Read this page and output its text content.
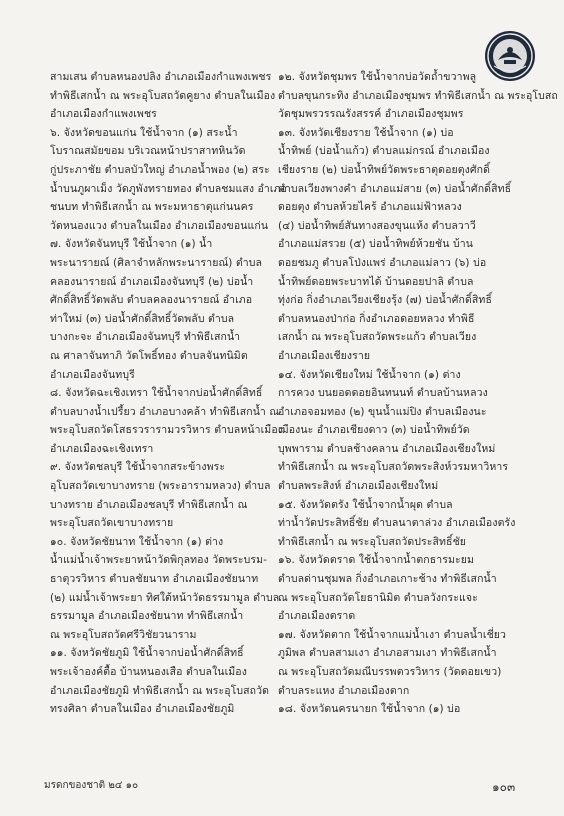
สามเสน ตำบลหนองปลิง อำเภอเมืองกำแพงเพชร
ทำพิธีเสกน้ำ ณ พระอุโบสถวัดคูยาง ตำบลในเมือง
อำเภอเมืองกำแพงเพชร
๖. จังหวัดขอนแก่น ใช้น้ำจาก (๑) สระน้ำ
โบราณสมัยขอม บริเวณหน้าปราสาทหินวัด
กู่ประภาชัย ตำบลบัวใหญ่ อำเภอน้ำพอง (๒) สระ
น้ำบนภูผาเม็ง วัดภูพังทรายทอง ตำบลชมแสง อำเภอ
ชนบท ทำพิธีเสกน้ำ ณ พระมหาธาตุแก่นนคร
วัดหนองแวง ตำบลในเมือง อำเภอเมืองขอนแก่น
๗. จังหวัดจันทบุรี ใช้น้ำจาก (๑) น้ำ
พระนารายณ์ (ศิลาจำหลักพระนารายณ์) ตำบล
คลองนารายณ์ อำเภอเมืองจันทบุรี (๒) บ่อน้ำ
ศักดิ์สิทธิ์วัดพลับ ตำบลคลองนารายณ์ อำเภอ
ท่าใหม่ (๓) บ่อน้ำศักดิ์สิทธิ์วัดพลับ ตำบล
บางกะจะ อำเภอเมืองจันทบุรี ทำพิธีเสกน้ำ
ณ ศาลาจันทาภิ วัดโพธิ์ทอง ตำบลจันทนิมิต
อำเภอเมืองจันทบุรี
๘. จังหวัดฉะเชิงเทรา ใช้น้ำจากบ่อน้ำศักดิ์สิทธิ์
ตำบลบางน้ำเปรี้ยว อำเภอบางคล้า ทำพิธีเสกน้ำ ณ
พระอุโบสถวัดโสธรวรารามวรวิหาร ตำบลหน้าเมือง
อำเภอเมืองฉะเชิงเทรา
๙. จังหวัดชลบุรี ใช้น้ำจากสระข้างพระ
อุโบสถวัดเขาบางทราย (พระอารามหลวง) ตำบล
บางทราย อำเภอเมืองชลบุรี ทำพิธีเสกน้ำ ณ
พระอุโบสถวัดเขาบางทราย
๑๐. จังหวัดชัยนาท ใช้น้ำจาก (๑) ต่าง
น้ำแม่น้ำเจ้าพระยาหน้าวัดพิกุลทอง วัดพระบรม-
ธาตุวรวิหาร ตำบลชัยนาท อำเภอเมืองชัยนาท
(๒) แม่น้ำเจ้าพระยา ทิศใต้หน้าวัดธรรมามูล ตำบล
ธรรมามูล อำเภอเมืองชัยนาท ทำพิธีเสกน้ำ
ณ พระอุโบสถวัดศรีวิชัยวนาราม
๑๑. จังหวัดชัยภูมิ ใช้น้ำจากบ่อน้ำศักดิ์สิทธิ์
พระเจ้าองค์ตื้อ บ้านหนองเสือ ตำบลในเมือง
อำเภอเมืองชัยภูมิ ทำพิธีเสกน้ำ ณ พระอุโบสถวัด
ทรงศิลา ตำบลในเมือง อำเภอเมืองชัยภูมิ
๑๒. จังหวัดชุมพร ใช้น้ำจากบ่อวัดถ้ำขวาพลู
ตำบลขุนกระทิง อำเภอเมืองชุมพร ทำพิธีเสกน้ำ ณ พระอุโบสถ
วัดชุมพรวรรณรังสรรค์ อำเภอเมืองชุมพร
๑๓. จังหวัดเชียงราย ใช้น้ำจาก (๑) บ่อ
น้ำทิพย์ (บ่อน้ำแก้ว) ตำบลแม่กรณ์ อำเภอเมือง
เชียงราย (๒) บ่อน้ำทิพย์วัดพระธาตุดอยตุงศักดิ์
ตำบลเวียงพางคำ อำเภอแม่สาย (๓) บ่อน้ำศักดิ์สิทธิ์
ดอยตุง ตำบลห้วยไคร้ อำเภอแม่ฟ้าหลวง
(๔) บ่อน้ำทิพย์สันทางสองขุนแห้ง ตำบลวาวี
อำเภอแม่สรวย (๕) บ่อน้ำทิพย์ห้วยชัน บ้าน
ดอยชมภู ตำบลโป่งแพร่ อำเภอแม่ลาว (๖) บ่อ
น้ำทิพย์ดอยพระบาทได้ บ้านดอยปาลิ ตำบล
ทุ่งก่อ กิ่งอำเภอเวียงเชียงรุ้ง (๗) บ่อน้ำศักดิ์สิทธิ์
ตำบลหนองป่าก่อ กิ่งอำเภอดอยหลวง ทำพิธี
เสกน้ำ ณ พระอุโบสถวัดพระแก้ว ตำบลเวียง
อำเภอเมืองเชียงราย
๑๔. จังหวัดเชียงใหม่ ใช้น้ำจาก (๑) ต่าง
การควง บนยอดดอยอินทนนท์ ตำบลบ้านหลวง
อำเภอจอมทอง (๒) ขุนน้ำแม่ปิง ตำบลเมืองนะ
เมืองนะ อำเภอเชียงดาว (๓) บ่อน้ำทิพย์วัด
บุพพาราม ตำบลช้างคลาน อำเภอเมืองเชียงใหม่
ทำพิธีเสกน้ำ ณ พระอุโบสถวัดพระสิงห์วรมหาวิหาร
ตำบลพระสิงห์ อำเภอเมืองเชียงใหม่
๑๕. จังหวัดตรัง ใช้น้ำจากน้ำผุด ตำบล
ท่าน้ำวัดประสิทธิ์ชัย ตำบลนาตาล่วง อำเภอเมืองตรัง
ทำพิธีเสกน้ำ ณ พระอุโบสถวัดประสิทธิ์ชัย
๑๖. จังหวัดตราด ใช้น้ำจากน้ำตกธารมะยม
ตำบลด่านชุมพล กิ่งอำเภอเกาะช้าง ทำพิธีเสกน้ำ
ณ พระอุโบสถวัดโยธานิมิต ตำบลวังกระแจะ
อำเภอเมืองตราด
๑๗. จังหวัดตาก ใช้น้ำจากแม่น้ำเงา ตำบลน้ำเชี่ยว
ภูมิพล ตำบลสามเงา อำเภอสามเงา ทำพิธีเสกน้ำ
ณ พระอุโบสถวัดมณีบรรพตวรวิหาร (วัดดอยเขว)
ตำบลระแหง อำเภอเมืองตาก
๑๘. จังหวัดนครนายก ใช้น้ำจาก (๑) บ่อ
มรดกของชาติ ๒๔ ๑๐	๑๐๓
